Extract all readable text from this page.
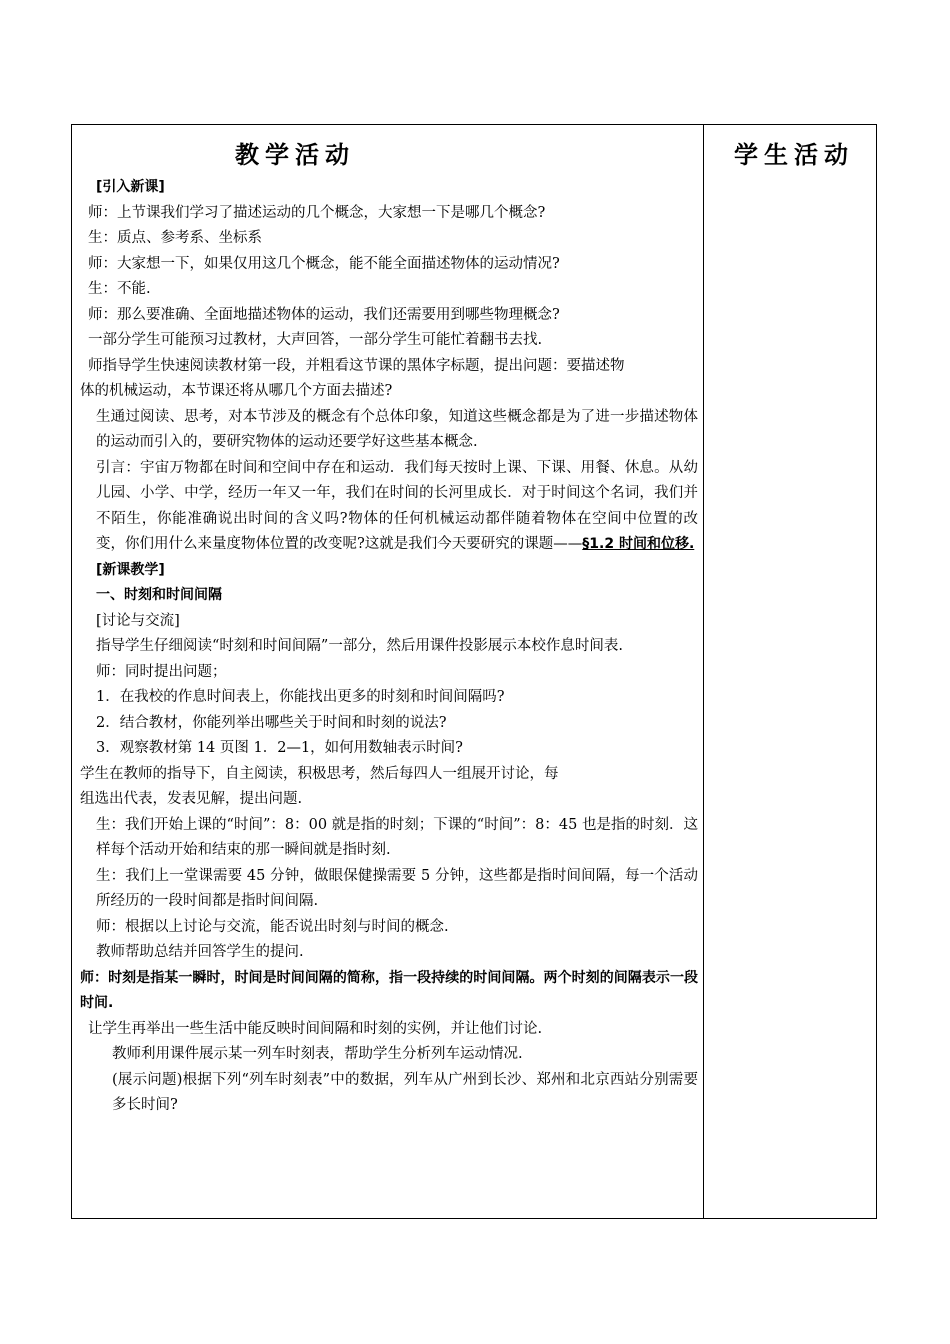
教学活动
[引入新课]
师：上节课我们学习了描述运动的几个概念，大家想一下是哪几个概念?
生：质点、参考系、坐标系
师：大家想一下，如果仅用这几个概念，能不能全面描述物体的运动情况?
生：不能.
师：那么要准确、全面地描述物体的运动，我们还需要用到哪些物理概念?
一部分学生可能预习过教材，大声回答，一部分学生可能忙着翻书去找.
师指导学生快速阅读教材第一段，并粗看这节课的黑体字标题，提出问题：要描述物
体的机械运动，本节课还将从哪几个方面去描述?
生通过阅读、思考，对本节涉及的概念有个总体印象，知道这些概念都是为了进一步描述物体的运动而引入的，要研究物体的运动还要学好这些基本概念.
引言：宇宙万物都在时间和空间中存在和运动．我们每天按时上课、下课、用餐、休息。从幼儿园、小学、中学，经历一年又一年，我们在时间的长河里成长．对于时间这个名词，我们并不陌生，你能准确说出时间的含义吗?物体的任何机械运动都伴随着物体在空间中位置的改变，你们用什么来量度物体位置的改变呢?这就是我们今天要研究的课题——§1.2 时间和位移.
[新课教学]
一、时刻和时间间隔
[讨论与交流]
指导学生仔细阅读“时刻和时间间隔”一部分，然后用课件投影展示本校作息时间表.
师：同时提出问题；
1．在我校的作息时间表上，你能找出更多的时刻和时间间隔吗?
2．结合教材，你能列举出哪些关于时间和时刻的说法?
3．观察教材第 14 页图 1．2—1，如何用数轴表示时间?
学生在教师的指导下，自主阅读，积极思考，然后每四人一组展开讨论，每
组选出代表，发表见解，提出问题.
生：我们开始上课的“时间”：8：00 就是指的时刻；下课的“时间”：8：45 也是指的时刻．这样每个活动开始和结束的那一瞬间就是指时刻.
生：我们上一堂课需要 45 分钟，做眼保健操需要 5 分钟，这些都是指时间间隔，每一个活动所经历的一段时间都是指时间间隔.
师：根据以上讨论与交流，能否说出时刻与时间的概念.
教师帮助总结并回答学生的提问.
师：时刻是指某一瞬时，时间是时间间隔的简称，指一段持续的时间间隔。两个时刻的间隔表示一段时间.
让学生再举出一些生活中能反映时间间隔和时刻的实例，并让他们讨论.
教师利用课件展示某一列车时刻表，帮助学生分析列车运动情况.
(展示问题)根据下列“列车时刻表”中的数据，列车从广州到长沙、郑州和北京西站分别需要多长时间?
学生活动
